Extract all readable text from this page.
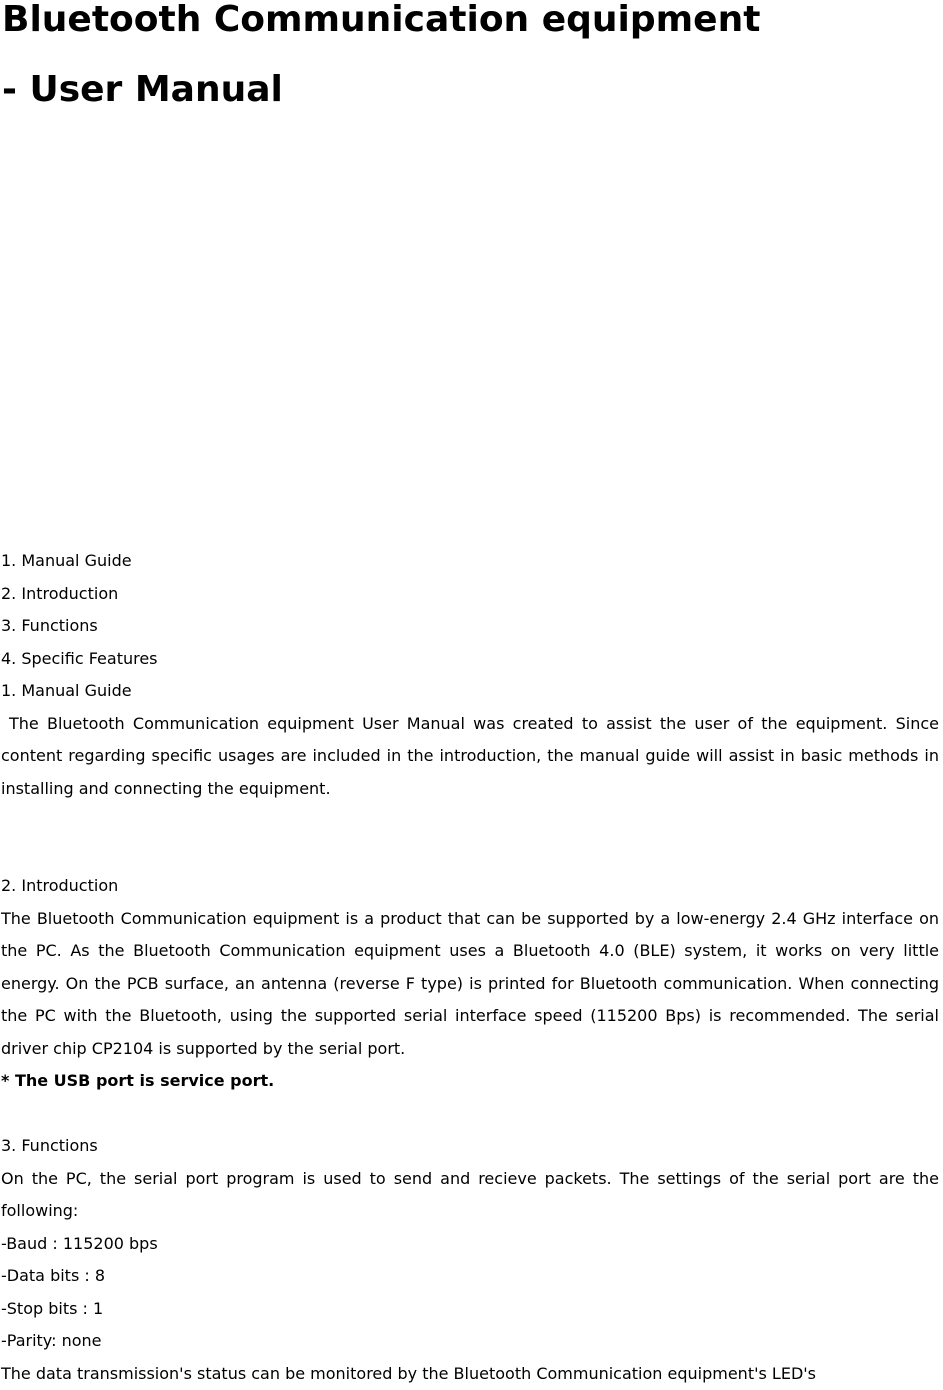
Bluetooth Communication equipment
- User Manual
1. Manual Guide
2. Introduction
3. Functions
4. Specific Features
1. Manual Guide

The Bluetooth Communication equipment User Manual was created to assist the user of the equipment. Since content regarding specific usages are included in the introduction, the manual guide will assist in basic methods in installing and connecting the equipment.

2. Introduction

The Bluetooth Communication equipment is a product that can be supported by a low-energy 2.4 GHz interface on the PC. As the Bluetooth Communication equipment uses a Bluetooth 4.0 (BLE) system, it works on very little energy. On the PCB surface, an antenna (reverse F type) is printed for Bluetooth communication. When connecting the PC with the Bluetooth, using the supported serial interface speed (115200 Bps) is recommended. The serial driver chip CP2104 is supported by the serial port.

* The USB port is service port.
3. Functions

On the PC, the serial port program is used to send and recieve packets. The settings of the serial port are the following:

-Baud : 115200 bps
-Data bits : 8
-Stop bits : 1
-Parity: none
The data transmission's status can be monitored by the Bluetooth Communication equipment's LED's
